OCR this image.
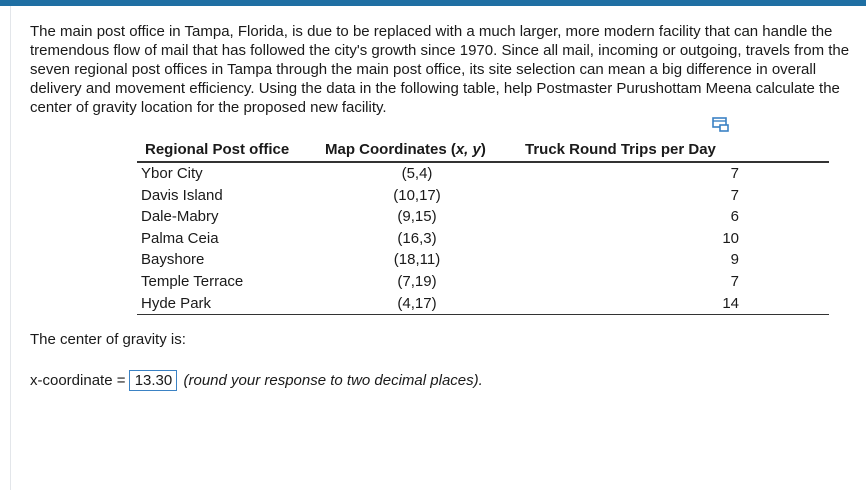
The main post office in Tampa, Florida, is due to be replaced with a much larger, more modern facility that can handle the tremendous flow of mail that has followed the city's growth since 1970. Since all mail, incoming or outgoing, travels from the seven regional post offices in Tampa through the main post office, its site selection can mean a big difference in overall delivery and movement efficiency. Using the data in the following table, help Postmaster Purushottam Meena calculate the center of gravity location for the proposed new facility.

Regional Post office	Map Coordinates (x, y)	Truck Round Trips per Day
Ybor City	(5,4)	7
Davis Island	(10,17)	7
Dale-Mabry	(9,15)	6
Palma Ceia	(16,3)	10
Bayshore	(18,11)	9
Temple Terrace	(7,19)	7
Hyde Park	(4,17)	14

The center of gravity is:

x-coordinate = 13.30 (round your response to two decimal places).
